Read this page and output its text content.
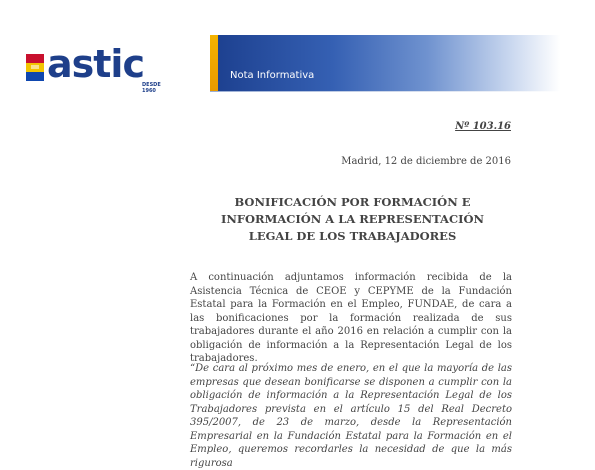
astic
DESDE 1960
Nota Informativa
Nº 103.16
Madrid, 12 de diciembre de 2016
BONIFICACIÓN POR FORMACIÓN E
INFORMACIÓN A LA REPRESENTACIÓN
LEGAL DE LOS TRABAJADORES
A continuación adjuntamos información recibida de la Asistencia Técnica de CEOE y CEPYME de la Fundación Estatal para la Formación en el Empleo, FUNDAE, de cara a las bonificaciones por la formación realizada de sus trabajadores durante el año 2016 en relación a cumplir con la obligación de información a la Representación Legal de los trabajadores.
“De cara al próximo mes de enero, en el que la mayoría de las empresas que desean bonificarse se disponen a cumplir con la obligación de información a la Representación Legal de los Trabajadores prevista en el artículo 15 del Real Decreto 395/2007, de 23 de marzo, desde la Representación Empresarial en la Fundación Estatal para la Formación en el Empleo, queremos recordarles la necesidad de que la más rigurosa
